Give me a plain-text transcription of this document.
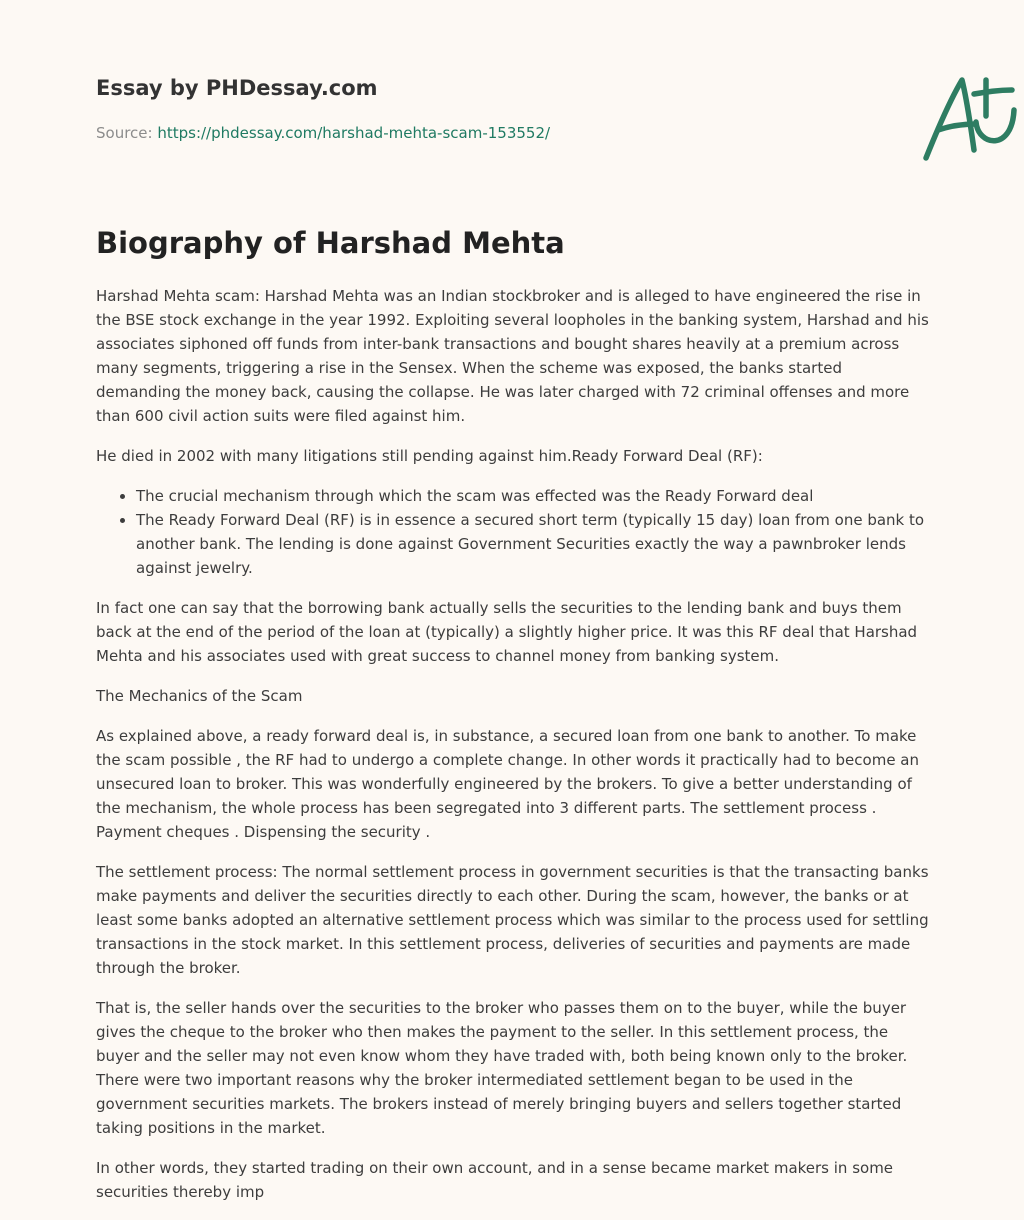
Essay by PHDessay.com
Source: https://phdessay.com/harshad-mehta-scam-153552/
Biography of Harshad Mehta

Harshad Mehta scam: Harshad Mehta was an Indian stockbroker and is alleged to have engineered the rise in the BSE stock exchange in the year 1992. Exploiting several loopholes in the banking system, Harshad and his associates siphoned off funds from inter-bank transactions and bought shares heavily at a premium across many segments, triggering a rise in the Sensex. When the scheme was exposed, the banks started demanding the money back, causing the collapse. He was later charged with 72 criminal offenses and more than 600 civil action suits were filed against him.

He died in 2002 with many litigations still pending against him.Ready Forward Deal (RF):

• The crucial mechanism through which the scam was effected was the Ready Forward deal
• The Ready Forward Deal (RF) is in essence a secured short term (typically 15 day) loan from one bank to another bank. The lending is done against Government Securities exactly the way a pawnbroker lends against jewelry.

In fact one can say that the borrowing bank actually sells the securities to the lending bank and buys them back at the end of the period of the loan at (typically) a slightly higher price. It was this RF deal that Harshad Mehta and his associates used with great success to channel money from banking system.

The Mechanics of the Scam

As explained above, a ready forward deal is, in substance, a secured loan from one bank to another. To make the scam possible , the RF had to undergo a complete change. In other words it practically had to become an unsecured loan to broker. This was wonderfully engineered by the brokers. To give a better understanding of the mechanism, the whole process has been segregated into 3 different parts. The settlement process . Payment cheques . Dispensing the security .

The settlement process: The normal settlement process in government securities is that the transacting banks make payments and deliver the securities directly to each other. During the scam, however, the banks or at least some banks adopted an alternative settlement process which was similar to the process used for settling transactions in the stock market. In this settlement process, deliveries of securities and payments are made through the broker.

That is, the seller hands over the securities to the broker who passes them on to the buyer, while the buyer gives the cheque to the broker who then makes the payment to the seller. In this settlement process, the buyer and the seller may not even know whom they have traded with, both being known only to the broker. There were two important reasons why the broker intermediated settlement began to be used in the government securities markets. The brokers instead of merely bringing buyers and sellers together started taking positions in the market.

In other words, they started trading on their own account, and in a sense became market makers in some securities thereby imp
